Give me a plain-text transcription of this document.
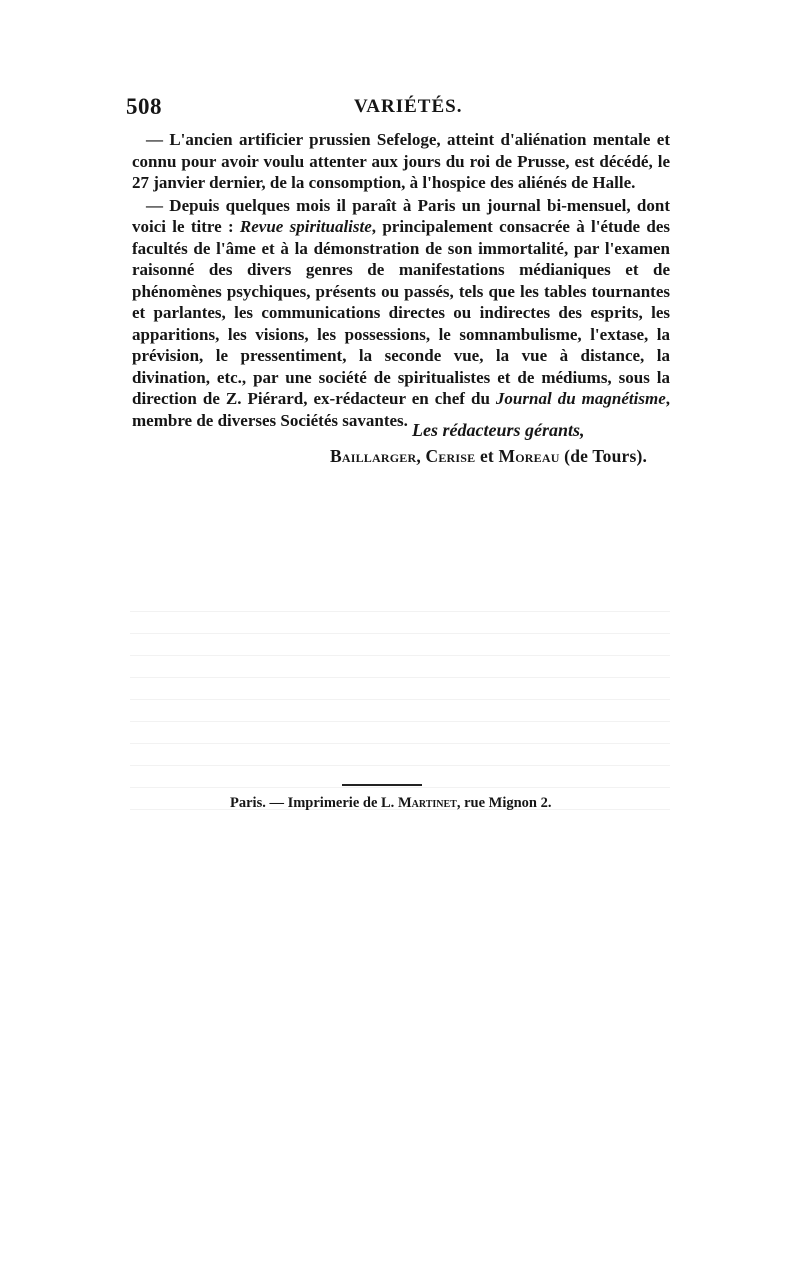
508	VARIÉTÉS.

— L'ancien artificier prussien Sefeloge, atteint d'aliénation mentale et connu pour avoir voulu attenter aux jours du roi de Prusse, est décédé, le 27 janvier dernier, de la consomption, à l'hospice des aliénés de Halle.

— Depuis quelques mois il paraît à Paris un journal bi-mensuel, dont voici le titre : Revue spiritualiste, principalement consacrée à l'étude des facultés de l'âme et à la démonstration de son immortalité, par l'examen raisonné des divers genres de manifestations médianiques et de phénomènes psychiques, présents ou passés, tels que les tables tournantes et parlantes, les communications directes ou indirectes des esprits, les apparitions, les visions, les possessions, le somnambulisme, l'extase, la prévision, le pressentiment, la seconde vue, la vue à distance, la divination, etc., par une société de spiritualistes et de médiums, sous la direction de Z. Piérard, ex-rédacteur en chef du Journal du magnétisme, membre de diverses Sociétés savantes. Les rédacteurs gérants,
Baillarger, Cerise et Moreau (de Tours).
Paris. — Imprimerie de L. Martinet, rue Mignon 2.
